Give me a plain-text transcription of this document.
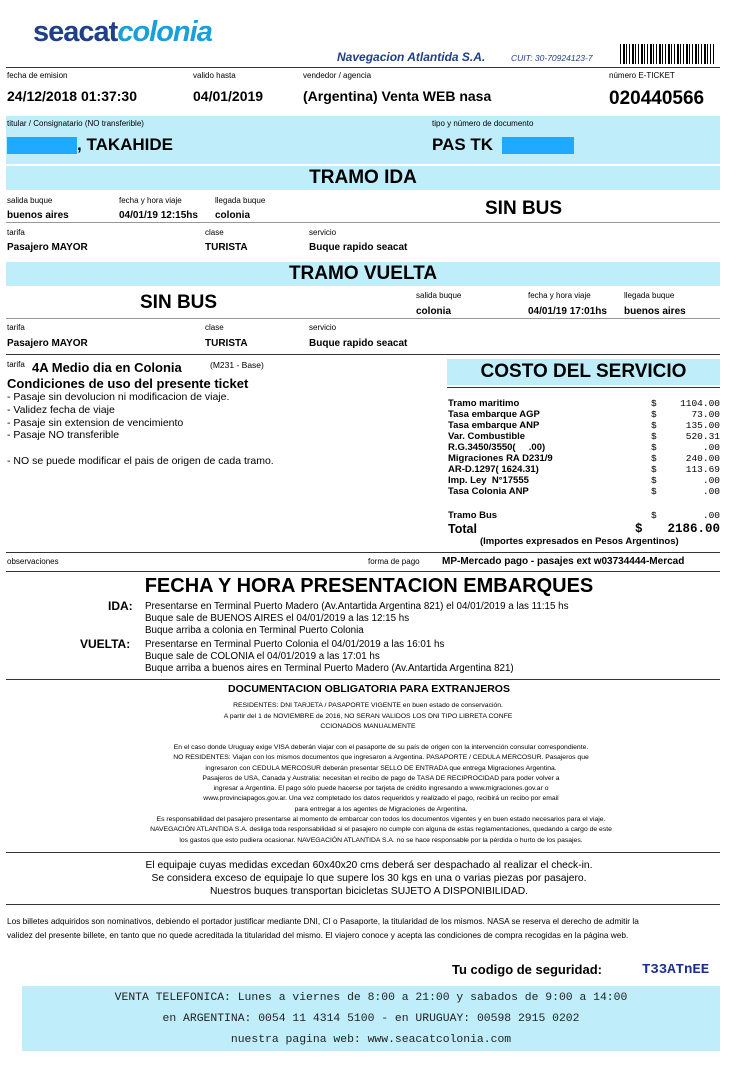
seacatcolonia
Navegacion Atlantida S.A.	CUIT: 30-70924123-7
fecha de emision
24/12/2018 01:37:30
valido hasta
04/01/2019
vendedor / agencia
(Argentina) Venta WEB nasa
número E-TICKET
020440566
titular / Consignatario (NO transferible)
, TAKAHIDE
tipo y número de documento
PAS TK
TRAMO IDA
salida buque
buenos aires
fecha y hora viaje
04/01/19 12:15hs
llegada buque
colonia	SIN BUS
tarifa
Pasajero MAYOR
clase
TURISTA
servicio
Buque rapido seacat
TRAMO VUELTA
SIN BUS	salida buque
colonia
fecha y hora viaje
04/01/19 17:01hs
llegada buque
buenos aires
tarifa
Pasajero MAYOR
clase
TURISTA
servicio
Buque rapido seacat
tarifa 4A Medio dia en Colonia	(M231 - Base)
Condiciones de uso del presente ticket
- Pasaje sin devolucion ni modificacion de viaje.
- Validez fecha de viaje
- Pasaje sin extension de vencimiento
- Pasaje NO transferible
- NO se puede modificar el pais de origen de cada tramo.
COSTO DEL SERVICIO
Tramo maritimo	$ 1104.00
Tasa embarque AGP	$	73.00
Tasa embarque ANP	$	135.00
Var. Combustible	$	520.31
R.G.3450/3550(     .00)	$	.00
Migraciones RA D231/9	$	240.00
AR-D.1297( 1624.31)	$	113.69
Imp. Ley  N°17555	$	.00
Tasa Colonia ANP	$	.00
Tramo Bus	$	.00
Total	$ 2186.00
(Importes expresados en Pesos Argentinos)
observaciones	forma de pago MP-Mercado pago - pasajes ext w03734444-Mercad
FECHA Y HORA PRESENTACION EMBARQUES
IDA: Presentarse en Terminal Puerto Madero (Av.Antartida Argentina 821) el 04/01/2019 a las 11:15 hs
Buque sale de BUENOS AIRES el 04/01/2019 a las 12:15 hs
Buque arriba a colonia en Terminal Puerto Colonia
VUELTA: Presentarse en Terminal Puerto Colonia el 04/01/2019 a las 16:01 hs
Buque sale de COLONIA el 04/01/2019 a las 17:01 hs
Buque arriba a buenos aires en Terminal Puerto Madero (Av.Antartida Argentina 821)
DOCUMENTACION OBLIGATORIA PARA EXTRANJEROS
RESIDENTES: DNI TARJETA / PASAPORTE VIGENTE en buen estado de conservación.
A partir del 1 de NOVIEMBRE de 2016, NO SERAN VALIDOS LOS DNI TIPO LIBRETA CONFE
CCIONADOS MANUALMENTE
En el caso donde Uruguay exige VISA deberán viajar con el pasaporte de su país de origen con la intervención consular correspondiente.
NO RESIDENTES: Viajan con los mismos documentos que ingresaron a Argentina. PASAPORTE / CEDULA MERCOSUR. Pasajeros que
ingresaron con CEDULA MERCOSUR deberán presentar SELLO DE ENTRADA que entrega Migraciones Argentina.
Pasajeros de USA, Canada y Australia: necesitan el recibo de pago de TASA DE RECIPROCIDAD para poder volver a
ingresar a Argentina. El pago sólo puede hacerse por tarjeta de crédito ingresando a www.migraciones.gov.ar o
www.provinciapagos.gov.ar. Una vez completado los datos requeridos y realizado el pago, recibirá un recibo por email
para entregar a los agentes de Migraciones de Argentina.
Es responsabilidad del pasajero presentarse al momento de embarcar con todos los documentos vigentes y en buen estado necesarios para el viaje.
NAVEGACIÓN ATLANTIDA S.A. desliga toda responsabilidad si el pasajero no cumple con alguna de estas reglamentaciones, quedando a cargo de este
los gastos que esto pudiera ocasionar. NAVEGACIÓN ATLANTIDA S.A. no se hace responsable por la pérdida o hurto de los pasajes.
El equipaje cuyas medidas excedan 60x40x20 cms deberá ser despachado al realizar el check-in.
Se considera exceso de equipaje lo que supere los 30 kgs en una o varias piezas por pasajero.
Nuestros buques transportan bicicletas SUJETO A DISPONIBILIDAD.
Los billetes adquiridos son nominativos, debiendo el portador justificar mediante DNI, CI o Pasaporte, la titularidad de los mismos. NASA se reserva el derecho de admitir la
validez del presente billete, en tanto que no quede acreditada la titularidad del mismo. El viajero conoce y acepta las condiciones de compra recogidas en la página web.
Tu codigo de seguridad:	T33ATnEE
VENTA TELEFONICA: Lunes a viernes de 8:00 a 21:00 y sabados de 9:00 a 14:00
en ARGENTINA: 0054 11 4314 5100 - en URUGUAY: 00598 2915 0202
nuestra pagina web: www.seacatcolonia.com
